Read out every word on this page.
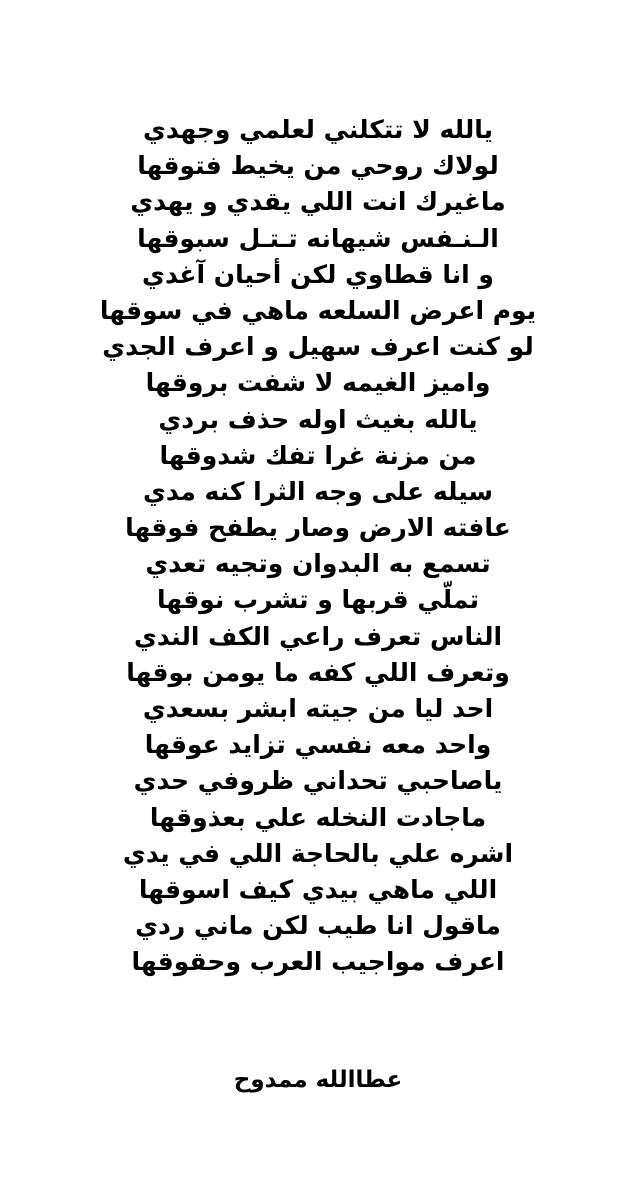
يالله لا تتكلني لعلمي وجهدي
لولاك روحي من يخيط فتوقها
ماغيرك انت اللي يقدي و يهدي
الـنـفس شيهانه تـتـل سبوقها
و انا قطاوي لكن أحيان آغدي
يوم اعرض السلعه ماهي في سوقها
لو كنت اعرف سهيل و اعرف الجدي
واميز الغيمه لا شفت بروقها
يالله بغيث اوله حذف بردي
من مزنة غرا تفك شدوقها
سيله على وجه الثرا كنه مدي
عافته الارض وصار يطفح فوقها
تسمع به البدوان وتجيه تعدي
تملّي قربها و تشرب نوقها
الناس تعرف راعي الكف الندي
وتعرف اللي كفه ما يومن بوقها
احد ليا من جيته ابشر بسعدي
واحد معه نفسي تزايد عوقها
ياصاحبي تحداني ظروفي حدي
ماجادت النخله علي بعذوقها
اشره علي بالحاجة اللي في يدي
اللي ماهي بيدي كيف اسوقها
ماقول انا طيب لكن ماني ردي
اعرف مواجيب العرب وحقوقها
عطاالله ممدوح
